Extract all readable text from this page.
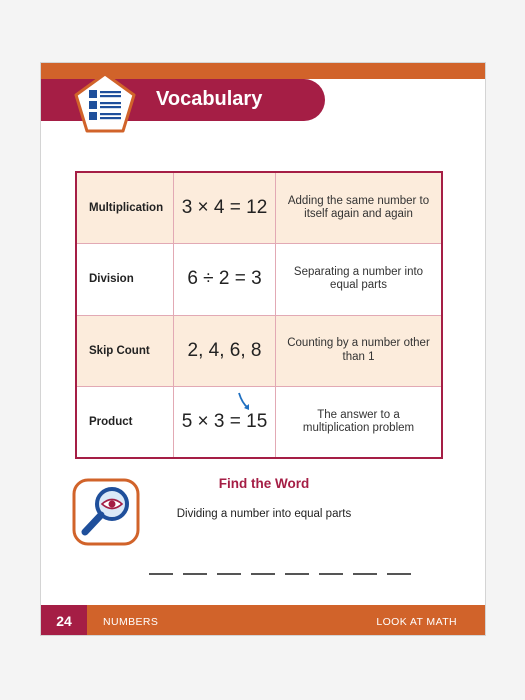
Vocabulary
Multiplication 3 × 4 = 12	Adding the same number to itself again and again
Division	6 ÷ 2 = 3	Separating a number into equal parts
Skip Count	2, 4, 6, 8	Counting by a number other than 1
Product	5 × 3 = 15	The answer to a multiplication problem
Find the Word
Dividing a number into equal parts
24	NUMBERS	LOOK AT MATH
